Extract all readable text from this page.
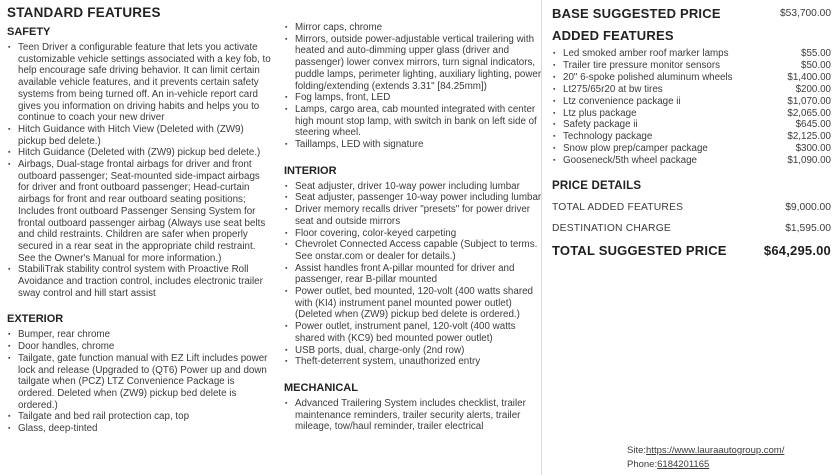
STANDARD FEATURES
SAFETY
▪ Teen Driver a configurable feature that lets you activate customizable vehicle settings associated with a key fob, to help encourage safe driving behavior. It can limit certain available vehicle features, and it prevents certain safety systems from being turned off. An in-vehicle report card gives you information on driving habits and helps you to continue to coach your new driver
▪ Hitch Guidance with Hitch View (Deleted with (ZW9) pickup bed delete.)
▪ Hitch Guidance (Deleted with (ZW9) pickup bed delete.)
▪ Airbags, Dual-stage frontal airbags for driver and front outboard passenger; Seat-mounted side-impact airbags for driver and front outboard passenger; Head-curtain airbags for front and rear outboard seating positions; Includes front outboard Passenger Sensing System for frontal outboard passenger airbag (Always use seat belts and child restraints. Children are safer when properly secured in a rear seat in the appropriate child restraint. See the Owner's Manual for more information.)
▪ StabiliTrak stability control system with Proactive Roll Avoidance and traction control, includes electronic trailer sway control and hill start assist
EXTERIOR
▪ Bumper, rear chrome
▪ Door handles, chrome
▪ Tailgate, gate function manual with EZ Lift includes power lock and release (Upgraded to (QT6) Power up and down tailgate when (PCZ) LTZ Convenience Package is ordered. Deleted when (ZW9) pickup bed delete is ordered.)
▪ Tailgate and bed rail protection cap, top
▪ Glass, deep-tinted
▪ Mirror caps, chrome
▪ Mirrors, outside power-adjustable vertical trailering with heated and auto-dimming upper glass (driver and passenger) lower convex mirrors, turn signal indicators, puddle lamps, perimeter lighting, auxiliary lighting, power folding/extending (extends 3.31" [84.25mm])
▪ Fog lamps, front, LED
▪ Lamps, cargo area, cab mounted integrated with center high mount stop lamp, with switch in bank on left side of steering wheel.
▪ Taillamps, LED with signature
INTERIOR
▪ Seat adjuster, driver 10-way power including lumbar
▪ Seat adjuster, passenger 10-way power including lumbar
▪ Driver memory recalls driver "presets" for power driver seat and outside mirrors
▪ Floor covering, color-keyed carpeting
▪ Chevrolet Connected Access capable (Subject to terms. See onstar.com or dealer for details.)
▪ Assist handles front A-pillar mounted for driver and passenger, rear B-pillar mounted
▪ Power outlet, bed mounted, 120-volt (400 watts shared with (KI4) instrument panel mounted power outlet) (Deleted when (ZW9) pickup bed delete is ordered.)
▪ Power outlet, instrument panel, 120-volt (400 watts shared with (KC9) bed mounted power outlet)
▪ USB ports, dual, charge-only (2nd row)
▪ Theft-deterrent system, unauthorized entry
MECHANICAL
▪ Advanced Trailering System includes checklist, trailer maintenance reminders, trailer security alerts, trailer mileage, tow/haul reminder, trailer electrical
BASE SUGGESTED PRICE	$53,700.00
ADDED FEATURES
▪ Led smoked amber roof marker lamps	$55.00
▪ Trailer tire pressure monitor sensors	$50.00
▪ 20" 6-spoke polished aluminum wheels	$1,400.00
▪ Lt275/65r20 at bw tires	$200.00
▪ Ltz convenience package ii	$1,070.00
▪ Ltz plus package	$2,065.00
▪ Safety package ii	$645.00
▪ Technology package	$2,125.00
▪ Snow plow prep/camper package	$300.00
▪ Gooseneck/5th wheel package	$1,090.00
PRICE DETAILS
TOTAL ADDED FEATURES	$9,000.00
DESTINATION CHARGE	$1,595.00
TOTAL SUGGESTED PRICE	$64,295.00
Site:https://www.lauraautogroup.com/
Phone:6184201165
